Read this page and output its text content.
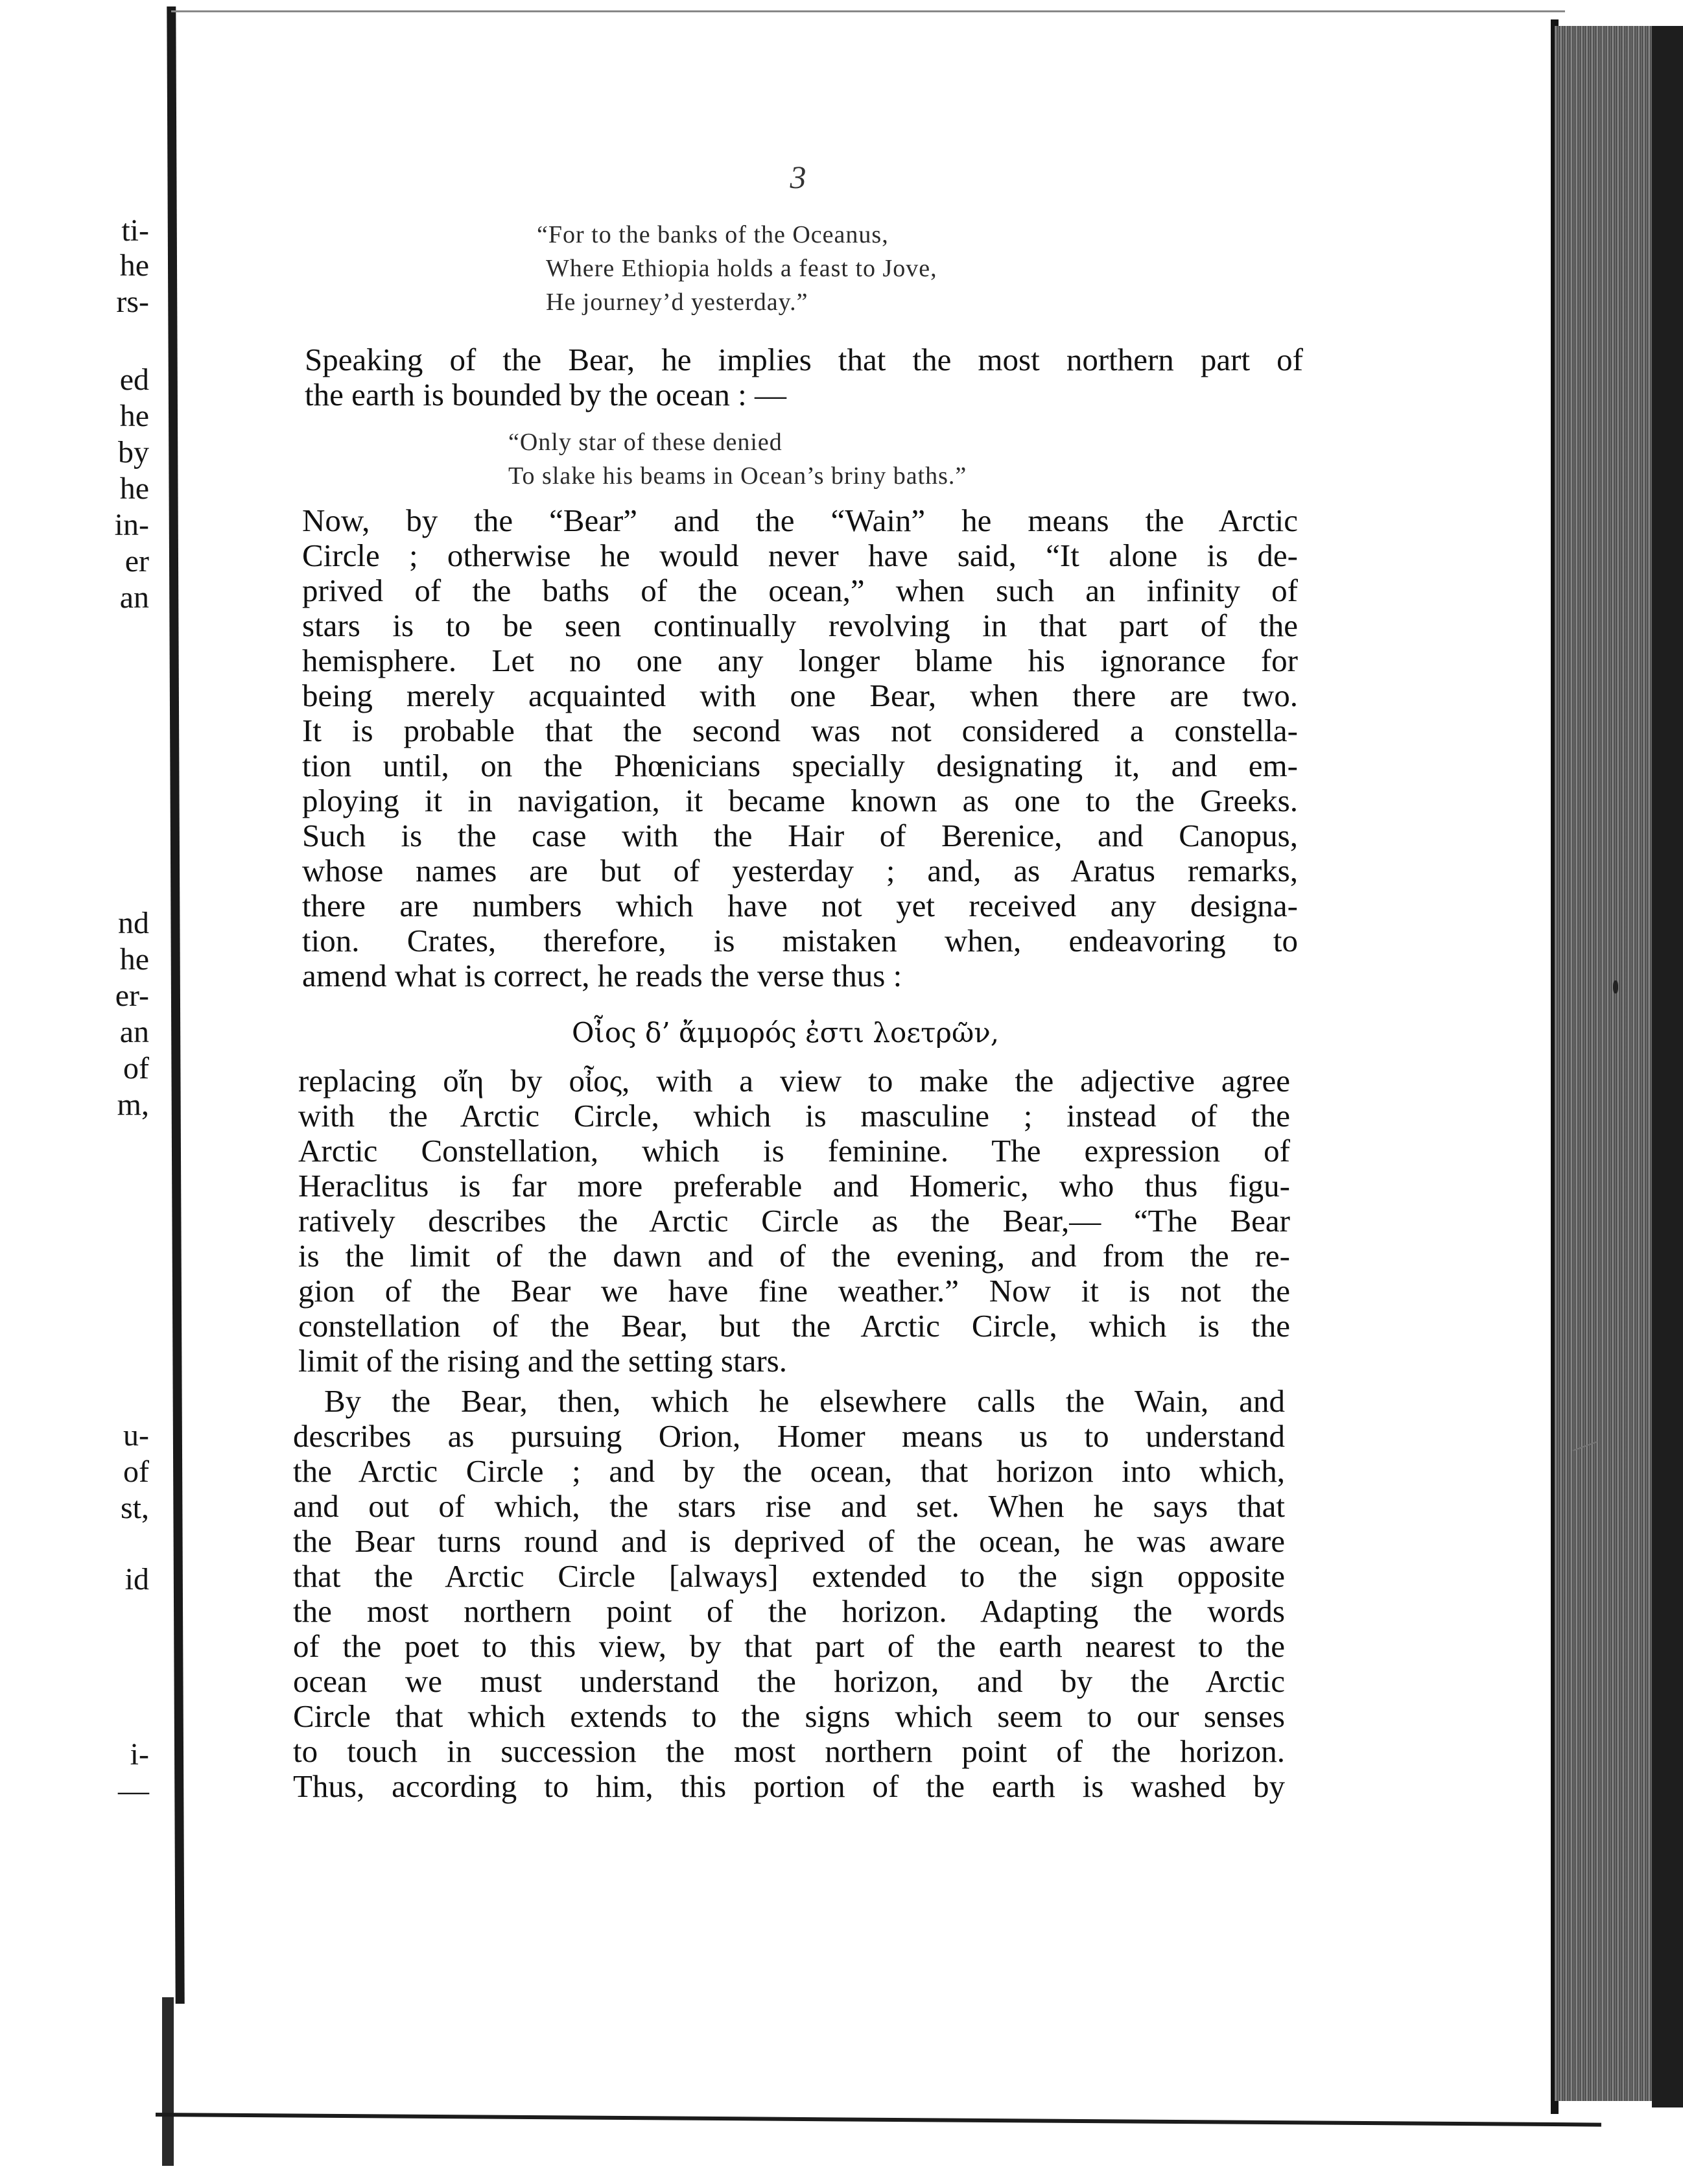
ti-
he
rs-
ed
he
by
he
in-
er
an
nd
he
er-
an
of
m,
u-
of
st,
id
i-
—
3
“For to the banks of the Oceanus,
Where Ethiopia holds a feast to Jove,
He journey’d yesterday.”
Speaking of the Bear, he implies that the most northern part of
the earth is bounded by the ocean : —
“Only star of these denied
To slake his beams in Ocean’s briny baths.”
Now, by the “Bear” and the “Wain” he means the Arctic
Circle ; otherwise he would never have said, “It alone is de-
prived of the baths of the ocean,” when such an infinity of
stars is to be seen continually revolving in that part of the
hemisphere. Let no one any longer blame his ignorance for
being merely acquainted with one Bear, when there are two.
It is probable that the second was not considered a constella-
tion until, on the Phœnicians specially designating it, and em-
ploying it in navigation, it became known as one to the Greeks.
Such is the case with the Hair of Berenice, and Canopus,
whose names are but of yesterday ; and, as Aratus remarks,
there are numbers which have not yet received any designa-
tion. Crates, therefore, is mistaken when, endeavoring to
amend what is correct, he reads the verse thus :
Οἶος δ’ ἄμμορός ἐστι λοετρῶν,
replacing οἴη by οἶος, with a view to make the adjective agree
with the Arctic Circle, which is masculine ; instead of the
Arctic Constellation, which is feminine. The expression of
Heraclitus is far more preferable and Homeric, who thus figu-
ratively describes the Arctic Circle as the Bear,— “The Bear
is the limit of the dawn and of the evening, and from the re-
gion of the Bear we have fine weather.” Now it is not the
constellation of the Bear, but the Arctic Circle, which is the
limit of the rising and the setting stars.
By the Bear, then, which he elsewhere calls the Wain, and
describes as pursuing Orion, Homer means us to understand
the Arctic Circle ; and by the ocean, that horizon into which,
and out of which, the stars rise and set. When he says that
the Bear turns round and is deprived of the ocean, he was aware
that the Arctic Circle [always] extended to the sign opposite
the most northern point of the horizon. Adapting the words
of the poet to this view, by that part of the earth nearest to the
ocean we must understand the horizon, and by the Arctic
Circle that which extends to the signs which seem to our senses
to touch in succession the most northern point of the horizon.
Thus, according to him, this portion of the earth is washed by
